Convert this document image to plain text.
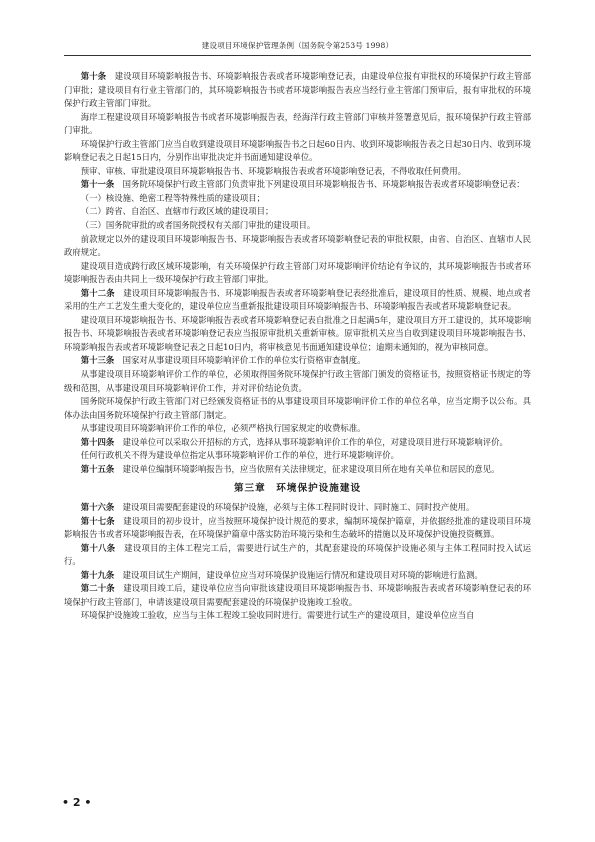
建设项目环境保护管理条例（国务院令第253号 1998）

第十条　 建设项目环境影响报告书、环境影响报告表或者环境影响登记表，由建设单位报有审批权的环境保护行政主管部门审批；建设项目有行业主管部门的，其环境影响报告书或者环境影响报告表应当经行业主管部门预审后，报有审批权的环境保护行政主管部门审批。

海岸工程建设项目环境影响报告书或者环境影响报告表，经海洋行政主管部门审核并签署意见后，报环境保护行政主管部门审批。

环境保护行政主管部门应当自收到建设项目环境影响报告书之日起60日内、收到环境影响报告表之日起30日内、收到环境影响登记表之日起15日内，分别作出审批决定并书面通知建设单位。

预审、审核、审批建设项目环境影响报告书、环境影响报告表或者环境影响登记表，不得收取任何费用。

第十一条　 国务院环境保护行政主管部门负责审批下列建设项目环境影响报告书、环境影响报告表或者环境影响登记表：

（一）核设施、绝密工程等特殊性质的建设项目；

（二）跨省、自治区、直辖市行政区域的建设项目；

（三）国务院审批的或者国务院授权有关部门审批的建设项目。

前款规定以外的建设项目环境影响报告书、环境影响报告表或者环境影响登记表的审批权限，由省、自治区、直辖市人民政府规定。

建设项目造成跨行政区域环境影响，有关环境保护行政主管部门对环境影响评价结论有争议的，其环境影响报告书或者环境影响报告表由共同上一级环境保护行政主管部门审批。

第十二条　 建设项目环境影响报告书、环境影响报告表或者环境影响登记表经批准后，建设项目的性质、规模、地点或者采用的生产工艺发生重大变化的，建设单位应当重新报批建设项目环境影响报告书、环境影响报告表或者环境影响登记表。

建设项目环境影响报告书、环境影响报告表或者环境影响登记表自批准之日起满5年，建设项目方开工建设的，其环境影响报告书、环境影响报告表或者环境影响登记表应当报原审批机关重新审核。原审批机关应当自收到建设项目环境影响报告书、环境影响报告表或者环境影响登记表之日起10日内，将审核意见书面通知建设单位；逾期未通知的，视为审核同意。

第十三条　 国家对从事建设项目环境影响评价工作的单位实行资格审查制度。

从事建设项目环境影响评价工作的单位，必须取得国务院环境保护行政主管部门颁发的资格证书，按照资格证书规定的等级和范围，从事建设项目环境影响评价工作，并对评价结论负责。

国务院环境保护行政主管部门对已经颁发资格证书的从事建设项目环境影响评价工作的单位名单，应当定期予以公布。具体办法由国务院环境保护行政主管部门制定。

从事建设项目环境影响评价工作的单位，必须严格执行国家规定的收费标准。

第十四条　 建设单位可以采取公开招标的方式，选择从事环境影响评价工作的单位，对建设项目进行环境影响评价。

任何行政机关不得为建设单位指定从事环境影响评价工作的单位，进行环境影响评价。

第十五条　 建设单位编制环境影响报告书，应当依照有关法律规定，征求建设项目所在地有关单位和居民的意见。

第三章　环境保护设施建设

第十六条　 建设项目需要配套建设的环境保护设施，必须与主体工程同时设计、同时施工、同时投产使用。

第十七条　 建设项目的初步设计，应当按照环境保护设计规范的要求，编制环境保护篇章，并依据经批准的建设项目环境影响报告书或者环境影响报告表，在环境保护篇章中落实防治环境污染和生态破坏的措施以及环境保护设施投资概算。

第十八条　 建设项目的主体工程完工后，需要进行试生产的，其配套建设的环境保护设施必须与主体工程同时投入试运行。

第十九条　 建设项目试生产期间，建设单位应当对环境保护设施运行情况和建设项目对环境的影响进行监测。

第二十条　 建设项目竣工后，建设单位应当向审批该建设项目环境影响报告书、环境影响报告表或者环境影响登记表的环境保护行政主管部门，申请该建设项目需要配套建设的环境保护设施竣工验收。

环境保护设施竣工验收，应当与主体工程竣工验收同时进行。需要进行试生产的建设项目，建设单位应当自

• 2 •
